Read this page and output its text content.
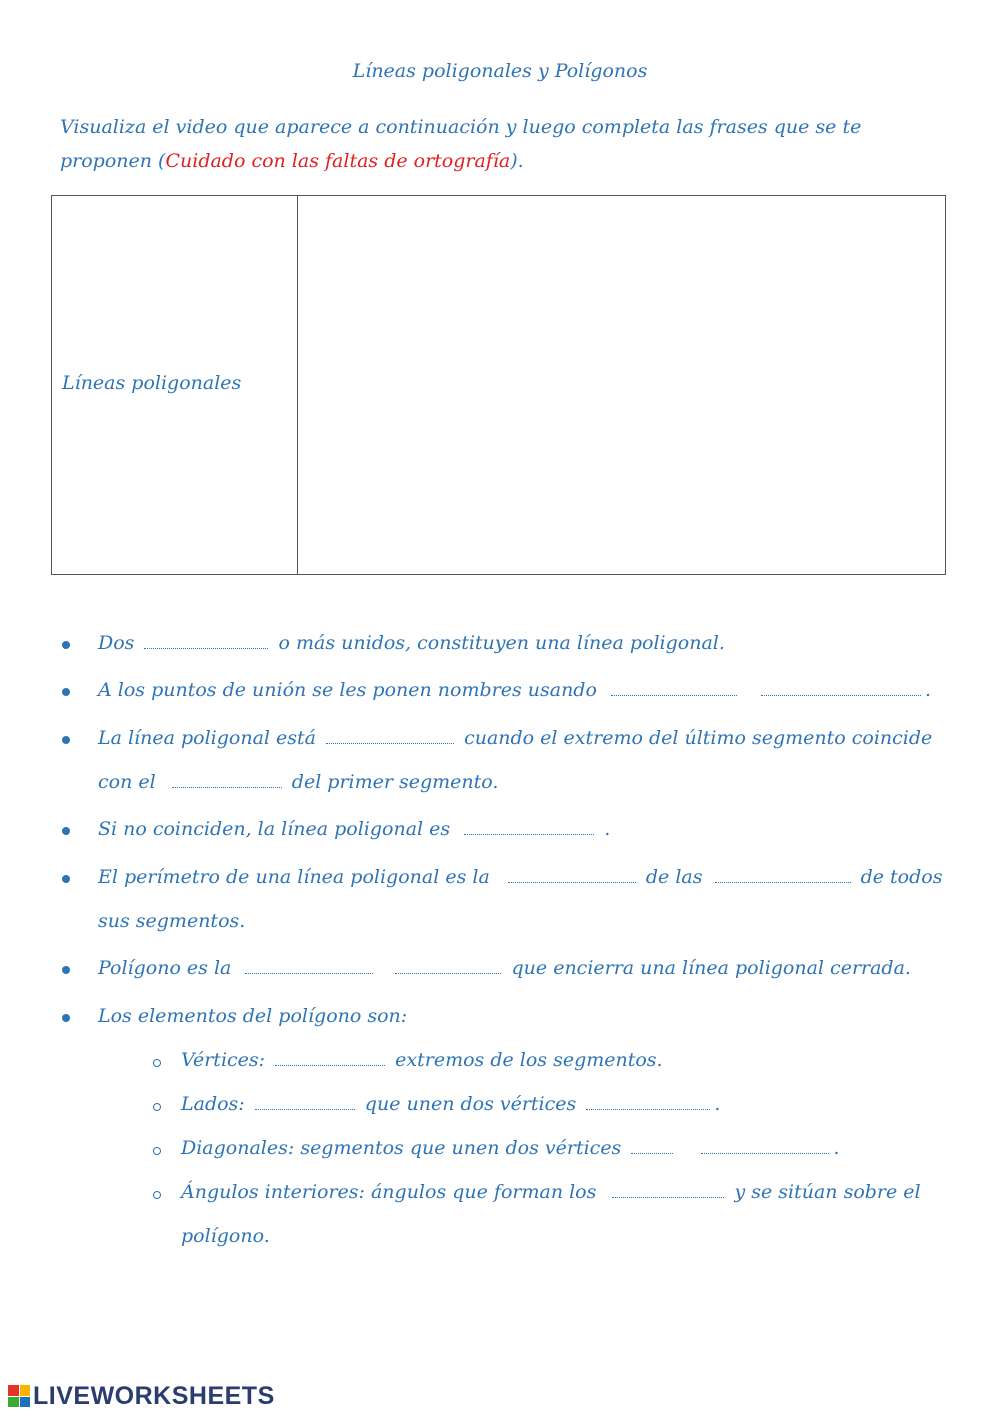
Líneas poligonales y Polígonos
Visualiza el video que aparece a continuación y luego completa las frases que se te proponen (Cuidado con las faltas de ortografía).
Líneas poligonales
Dos	o más unidos, constituyen una línea poligonal.
A los puntos de unión se les ponen nombres usando	.
La línea poligonal está	cuando el extremo del último segmento coincide
con el	del primer segmento.
Si no coinciden, la línea poligonal es	.
El perímetro de una línea poligonal es la	de las	de todos
sus segmentos.
Polígono es la	que encierra una línea poligonal cerrada.
Los elementos del polígono son:
Vértices:	extremos de los segmentos.
Lados:	que unen dos vértices	.
Diagonales: segmentos que unen dos vértices	.
Ángulos interiores: ángulos que forman los	y se sitúan sobre el
polígono.
LIVEWORKSHEETS
